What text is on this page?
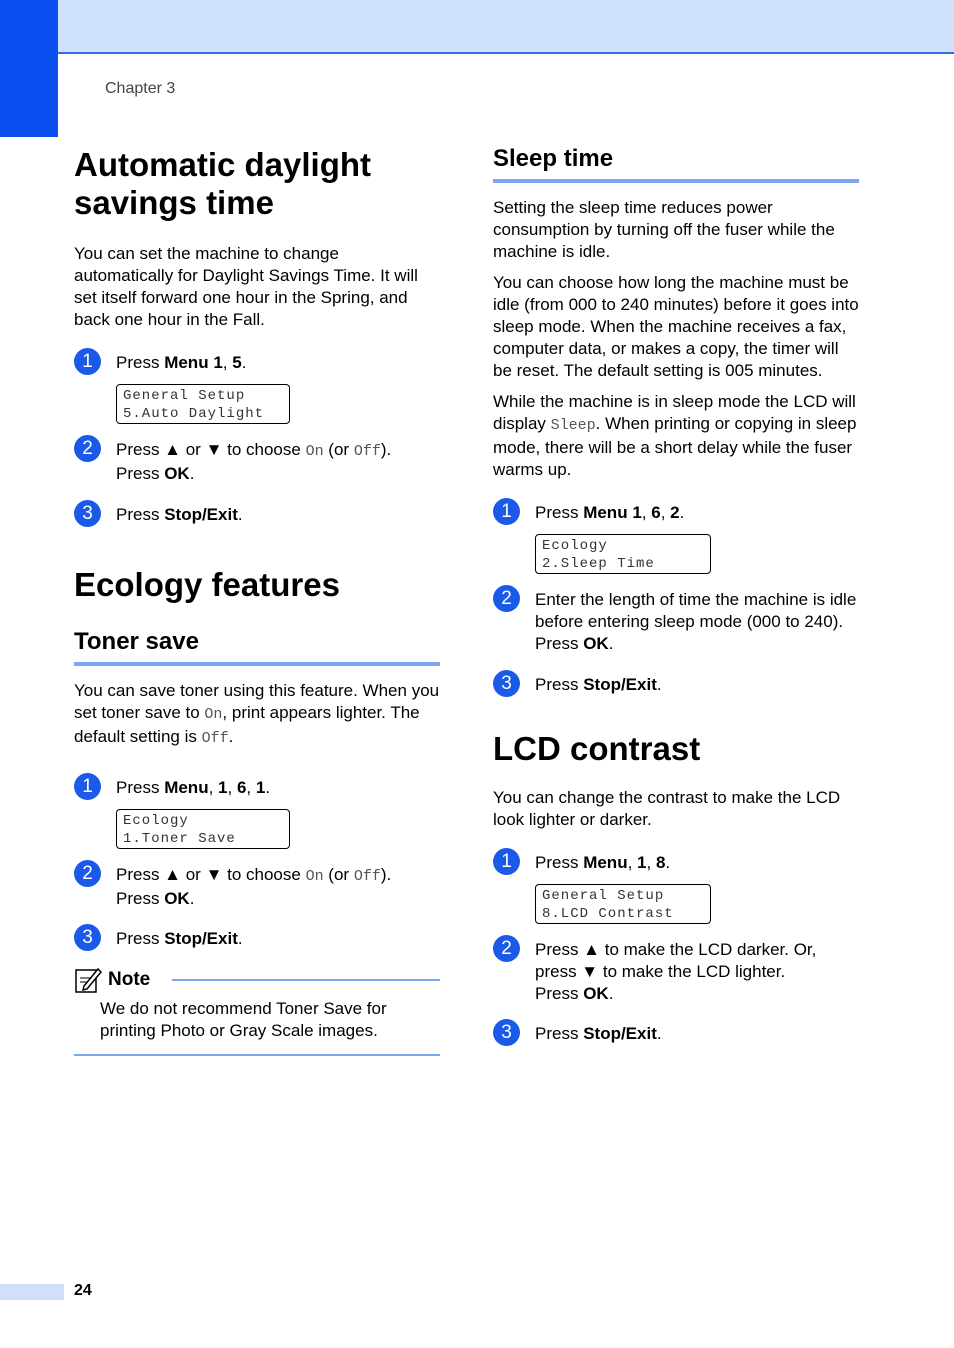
Chapter 3
Automatic daylight
savings time

You can set the machine to change automatically for Daylight Savings Time. It will set itself forward one hour in the Spring, and back one hour in the Fall.

1	Press Menu 1, 5.
General Setup
5.Auto Daylight
2	Press ▲ or ▼ to choose On (or Off).
Press OK.
3	Press Stop/Exit.
Ecology features
Toner save

You can save toner using this feature. When you set toner save to On, print appears lighter. The default setting is Off.

1	Press Menu, 1, 6, 1.
Ecology
1.Toner Save
2	Press ▲ or ▼ to choose On (or Off).
Press OK.
3	Press Stop/Exit.
Note
We do not recommend Toner Save for printing Photo or Gray Scale images.
Sleep time

Setting the sleep time reduces power consumption by turning off the fuser while the machine is idle.

You can choose how long the machine must be idle (from 000 to 240 minutes) before it goes into sleep mode. When the machine receives a fax, computer data, or makes a copy, the timer will be reset. The default setting is 005 minutes.

While the machine is in sleep mode the LCD will display Sleep. When printing or copying in sleep mode, there will be a short delay while the fuser warms up.

1	Press Menu 1, 6, 2.
Ecology
2.Sleep Time
2	Enter the length of time the machine is idle before entering sleep mode (000 to 240).
Press OK.
3	Press Stop/Exit.
LCD contrast

You can change the contrast to make the LCD look lighter or darker.

1	Press Menu, 1, 8.
General Setup
8.LCD Contrast
2	Press ▲ to make the LCD darker. Or,
press ▼ to make the LCD lighter.
Press OK.
3	Press Stop/Exit.
24
